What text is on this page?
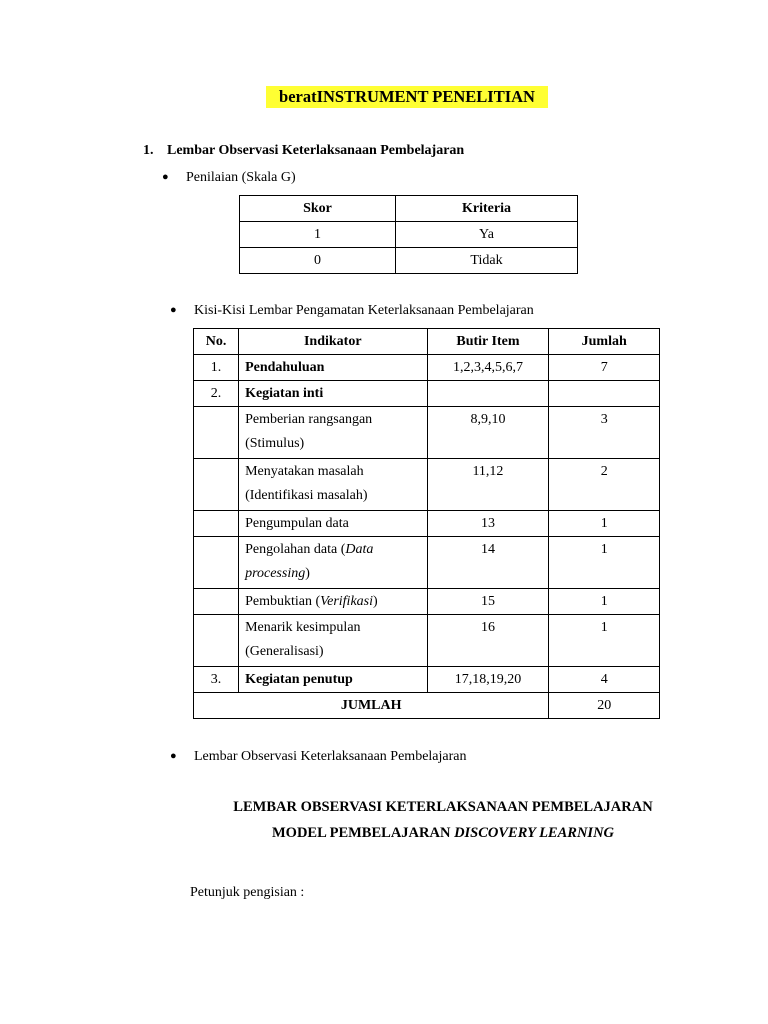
beratINSTRUMENT PENELITIAN
1. Lembar Observasi Keterlaksanaan Pembelajaran
● Penilaian (Skala G)
Skor	Kriteria
1	Ya
0	Tidak
● Kisi-Kisi Lembar Pengamatan Keterlaksanaan Pembelajaran
No.	Indikator	Butir Item	Jumlah
1.	Pendahuluan	1,2,3,4,5,6,7	7
2.	Kegiatan inti		
	Pemberian rangsangan (Stimulus)	8,9,10	3
	Menyatakan masalah (Identifikasi masalah)	11,12	2
	Pengumpulan data	13	1
	Pengolahan data (Data processing)	14	1
	Pembuktian (Verifikasi)	15	1
	Menarik kesimpulan (Generalisasi)	16	1
3.	Kegiatan penutup	17,18,19,20	4
JUMLAH			20
● Lembar Observasi Keterlaksanaan Pembelajaran
LEMBAR OBSERVASI KETERLAKSANAAN PEMBELAJARAN
MODEL PEMBELAJARAN DISCOVERY LEARNING
Petunjuk pengisian :
